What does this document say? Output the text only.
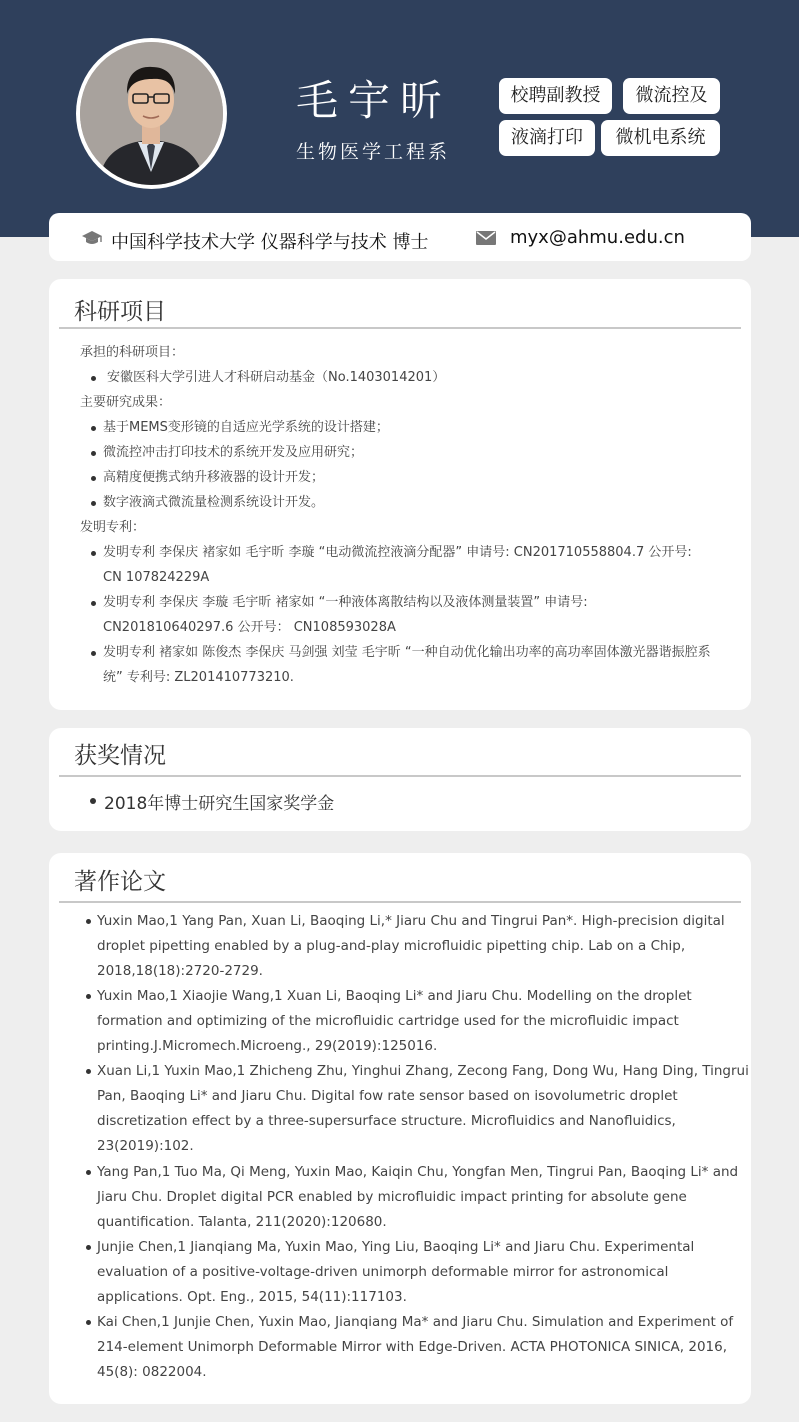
毛宇昕
生物医学工程系
校聘副教授	微流控及
液滴打印	微机电系统
中国科学技术大学 仪器科学与技术 博士	myx@ahmu.edu.cn
科研项目
承担的科研项目：
安徽医科大学引进人才科研启动基金（No.1403014201）
主要研究成果：
基于MEMS变形镜的自适应光学系统的设计搭建；
微流控冲击打印技术的系统开发及应用研究；
高精度便携式纳升移液器的设计开发；
数字液滴式微流量检测系统设计开发。
发明专利：
发明专利 李保庆 褚家如 毛宇昕 李璇 “电动微流控液滴分配器” 申请号: CN201710558804.7 公开号:
CN 107824229A
发明专利 李保庆 李璇 毛宇昕 褚家如 “一种液体离散结构以及液体测量装置” 申请号:
CN201810640297.6 公开号： CN108593028A
发明专利 褚家如 陈俊杰 李保庆 马剑强 刘莹 毛宇昕 “一种自动优化输出功率的高功率固体激光器谐振腔系
统” 专利号: ZL201410773210.
获奖情况
2018年博士研究生国家奖学金
著作论文
Yuxin Mao,1 Yang Pan, Xuan Li, Baoqing Li,* Jiaru Chu and Tingrui Pan*. High-precision digital
droplet pipetting enabled by a plug-and-play microfluidic pipetting chip. Lab on a Chip,
2018,18(18):2720-2729.
Yuxin Mao,1 Xiaojie Wang,1 Xuan Li, Baoqing Li* and Jiaru Chu. Modelling on the droplet
formation and optimizing of the microfluidic cartridge used for the microfluidic impact
printing.J.Micromech.Microeng., 29(2019):125016.
Xuan Li,1 Yuxin Mao,1 Zhicheng Zhu, Yinghui Zhang, Zecong Fang, Dong Wu, Hang Ding, Tingrui
Pan, Baoqing Li* and Jiaru Chu. Digital fow rate sensor based on isovolumetric droplet
discretization effect by a three-supersurface structure. Microfluidics and Nanofluidics,
23(2019):102.
Yang Pan,1 Tuo Ma, Qi Meng, Yuxin Mao, Kaiqin Chu, Yongfan Men, Tingrui Pan, Baoqing Li* and
Jiaru Chu. Droplet digital PCR enabled by microfluidic impact printing for absolute gene
quantification. Talanta, 211(2020):120680.
Junjie Chen,1 Jianqiang Ma, Yuxin Mao, Ying Liu, Baoqing Li* and Jiaru Chu. Experimental
evaluation of a positive-voltage-driven unimorph deformable mirror for astronomical
applications. Opt. Eng., 2015, 54(11):117103.
Kai Chen,1 Junjie Chen, Yuxin Mao, Jianqiang Ma* and Jiaru Chu. Simulation and Experiment of
214-element Unimorph Deformable Mirror with Edge-Driven. ACTA PHOTONICA SINICA, 2016,
45(8): 0822004.
